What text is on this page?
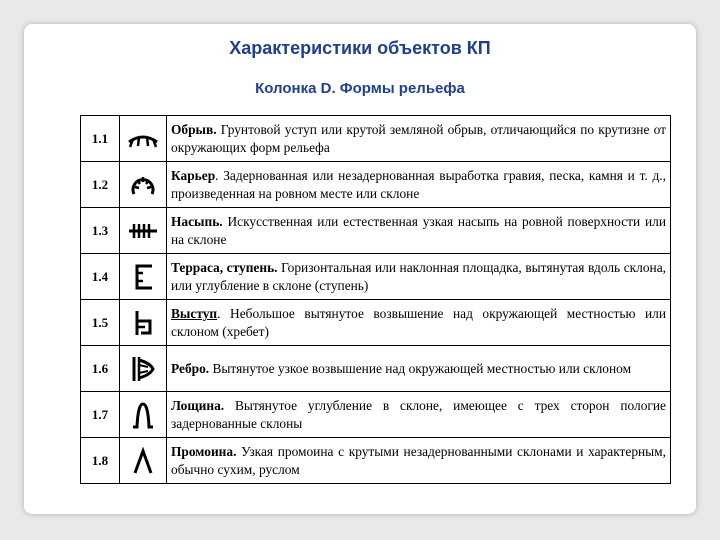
Характеристики объектов КП
Колонка D. Формы рельефа
1.1		Обрыв. Грунтовой уступ или крутой земляной обрыв, отличающийся по крутизне от окружающих форм рельефа
1.2		Карьер. Задернованная или незадернованная выработка гравия, песка, камня и т. д., произведенная на ровном месте или склоне
1.3		Насыпь. Искусственная или естественная узкая насыпь на ровной поверхности или на склоне
1.4		Терраса, ступень. Горизонтальная или наклонная площадка, вытянутая вдоль склона, или углубление в склоне (ступень)
1.5		Выступ. Небольшое вытянутое возвышение над окружающей местностью или склоном (хребет)
1.6		Ребро. Вытянутое узкое возвышение над окружающей местностью или склоном
1.7		Лощина. Вытянутое углубление в склоне, имеющее с трех сторон пологие задернованные склоны
1.8		Промоина. Узкая промоина с крутыми незадернованными склонами и характерным, обычно сухим, руслом
